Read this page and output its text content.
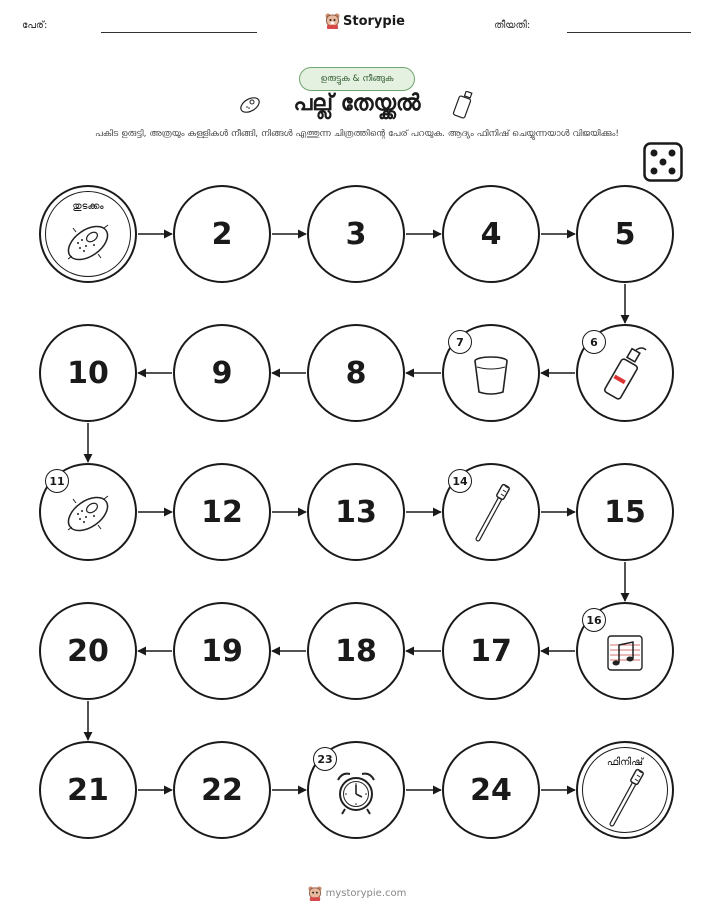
പേര്:	Storypie	തീയതി:
ഉരുട്ടുക & നീങ്ങുക
പല്ല് തേയ്ക്കൽ
പകിട ഉരുട്ടി, അത്രയും കള്ളികൾ നീങ്ങി, നിങ്ങൾ എത്തുന്ന ചിത്രത്തിന്റെ പേര് പറയുക. ആദ്യം ഫിനിഷ് ചെയ്യുന്നയാൾ വിജയിക്കും!
തുടക്കം
2	3	4	5
6
7
8
9
10
11
12	13
14
15
16
17
18
19
20
21	22
23
24
ഫിനിഷ്
mystorypie.com
